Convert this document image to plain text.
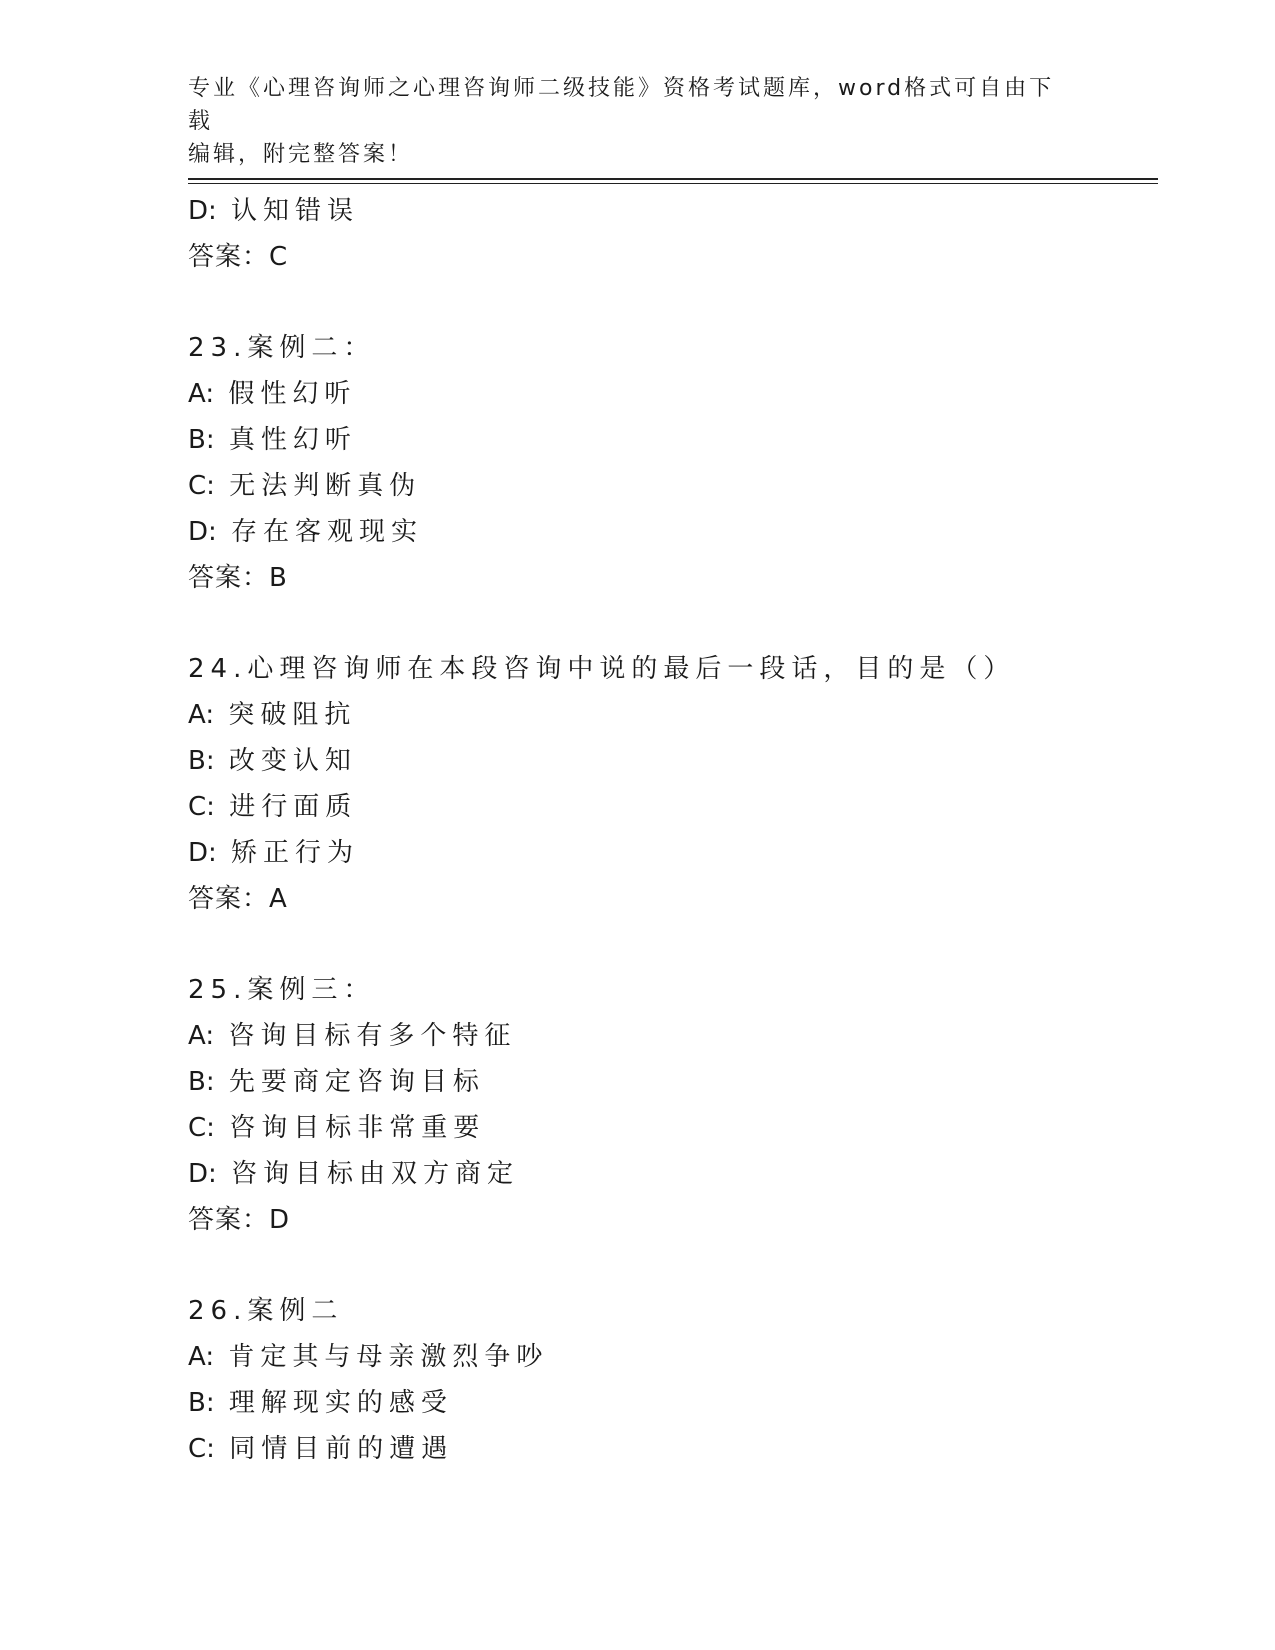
专业《心理咨询师之心理咨询师二级技能》资格考试题库，word格式可自由下载
编辑，附完整答案！
D: 认知错误
答案：C
23.案例二：
A: 假性幻听
B: 真性幻听
C: 无法判断真伪
D: 存在客观现实
答案：B
24.心理咨询师在本段咨询中说的最后一段话，目的是（）
A: 突破阻抗
B: 改变认知
C: 进行面质
D: 矫正行为
答案：A
25.案例三：
A: 咨询目标有多个特征
B: 先要商定咨询目标
C: 咨询目标非常重要
D: 咨询目标由双方商定
答案：D
26.案例二
A: 肯定其与母亲激烈争吵
B: 理解现实的感受
C: 同情目前的遭遇
